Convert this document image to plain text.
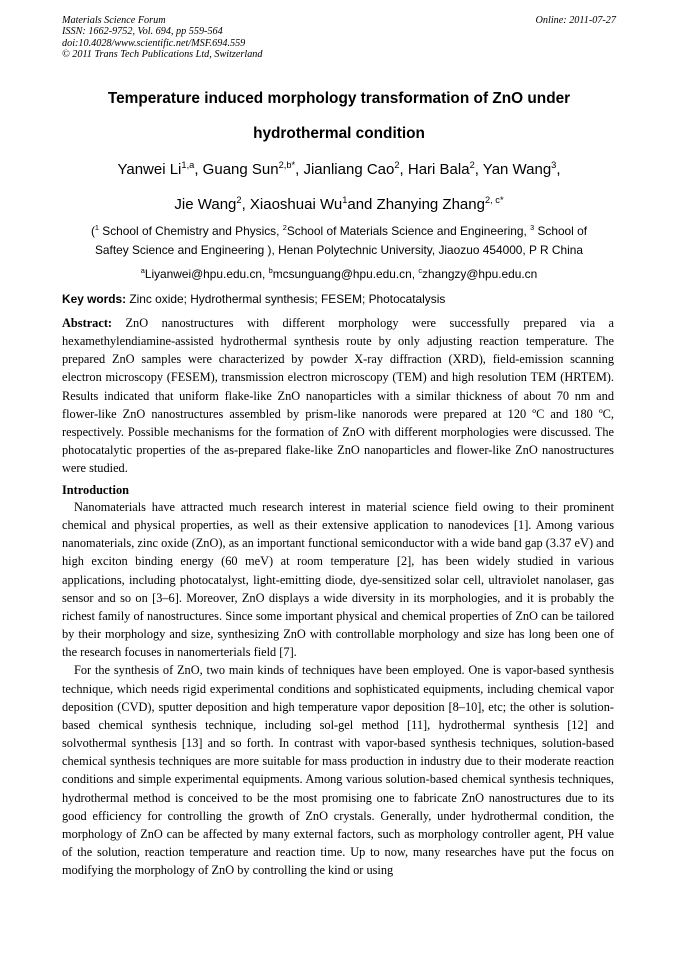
Materials Science Forum
ISSN: 1662-9752, Vol. 694, pp 559-564
doi:10.4028/www.scientific.net/MSF.694.559
© 2011 Trans Tech Publications Ltd, Switzerland
Online: 2011-07-27
Temperature induced morphology transformation of ZnO under
hydrothermal condition
Yanwei Li$^{1,a}$, Guang Sun$^{2,b*}$, Jianliang Cao$^2$, Hari Bala$^2$, Yan Wang$^3$,
Jie Wang$^2$, Xiaoshuai Wu$^1$and Zhanying Zhang$^{2, c*}$
($^1$ School of Chemistry and Physics, $^2$School of Materials Science and Engineering, $^3$ School of
Saftey Science and Engineering ), Henan Polytechnic University, Jiaozuo 454000, P R China
$^a$Liyanwei@hpu.edu.cn, $^b$mcsunguang@hpu.edu.cn, $^c$zhangzy@hpu.edu.cn
Key words: Zinc oxide; Hydrothermal synthesis; FESEM; Photocatalysis
Abstract: ZnO nanostructures with different morphology were successfully prepared via a hexamethylendiamine-assisted hydrothermal synthesis route by only adjusting reaction temperature. The prepared ZnO samples were characterized by powder X-ray diffraction (XRD), field-emission scanning electron microscopy (FESEM), transmission electron microscopy (TEM) and high resolution TEM (HRTEM). Results indicated that uniform flake-like ZnO nanoparticles with a similar thickness of about 70 nm and flower-like ZnO nanostructures assembled by prism-like nanorods were prepared at 120 ºC and 180 ºC, respectively. Possible mechanisms for the formation of ZnO with different morphologies were discussed. The photocatalytic properties of the as-prepared flake-like ZnO nanoparticles and flower-like ZnO nanostructures were studied.
Introduction

Nanomaterials have attracted much research interest in material science field owing to their prominent chemical and physical properties, as well as their extensive application to nanodevices [1]. Among various nanomaterials, zinc oxide (ZnO), as an important functional semiconductor with a wide band gap (3.37 eV) and high exciton binding energy (60 meV) at room temperature [2], has been widely studied in various applications, including photocatalyst, light-emitting diode, dye-sensitized solar cell, ultraviolet nanolaser, gas sensor and so on [3–6]. Moreover, ZnO displays a wide diversity in its morphologies, and it is probably the richest family of nanostructures. Since some important physical and chemical properties of ZnO can be tailored by their morphology and size, synthesizing ZnO with controllable morphology and size has long been one of the research focuses in nanomerterials field [7].

For the synthesis of ZnO, two main kinds of techniques have been employed. One is vapor-based synthesis technique, which needs rigid experimental conditions and sophisticated equipments, including chemical vapor deposition (CVD), sputter deposition and high temperature vapor deposition [8–10], etc; the other is solution-based chemical synthesis technique, including sol-gel method [11], hydrothermal synthesis [12] and solvothermal synthesis [13] and so forth. In contrast with vapor-based synthesis techniques, solution-based chemical synthesis techniques are more suitable for mass production in industry due to their moderate reaction conditions and simple experimental equipments. Among various solution-based chemical synthesis techniques, hydrothermal method is conceived to be the most promising one to fabricate ZnO nanostructures due to its good efficiency for controlling the growth of ZnO crystals. Generally, under hydrothermal condition, the morphology of ZnO can be affected by many external factors, such as morphology controller agent, PH value of the solution, reaction temperature and reaction time. Up to now, many researches have put the focus on modifying the morphology of ZnO by controlling the kind or using
